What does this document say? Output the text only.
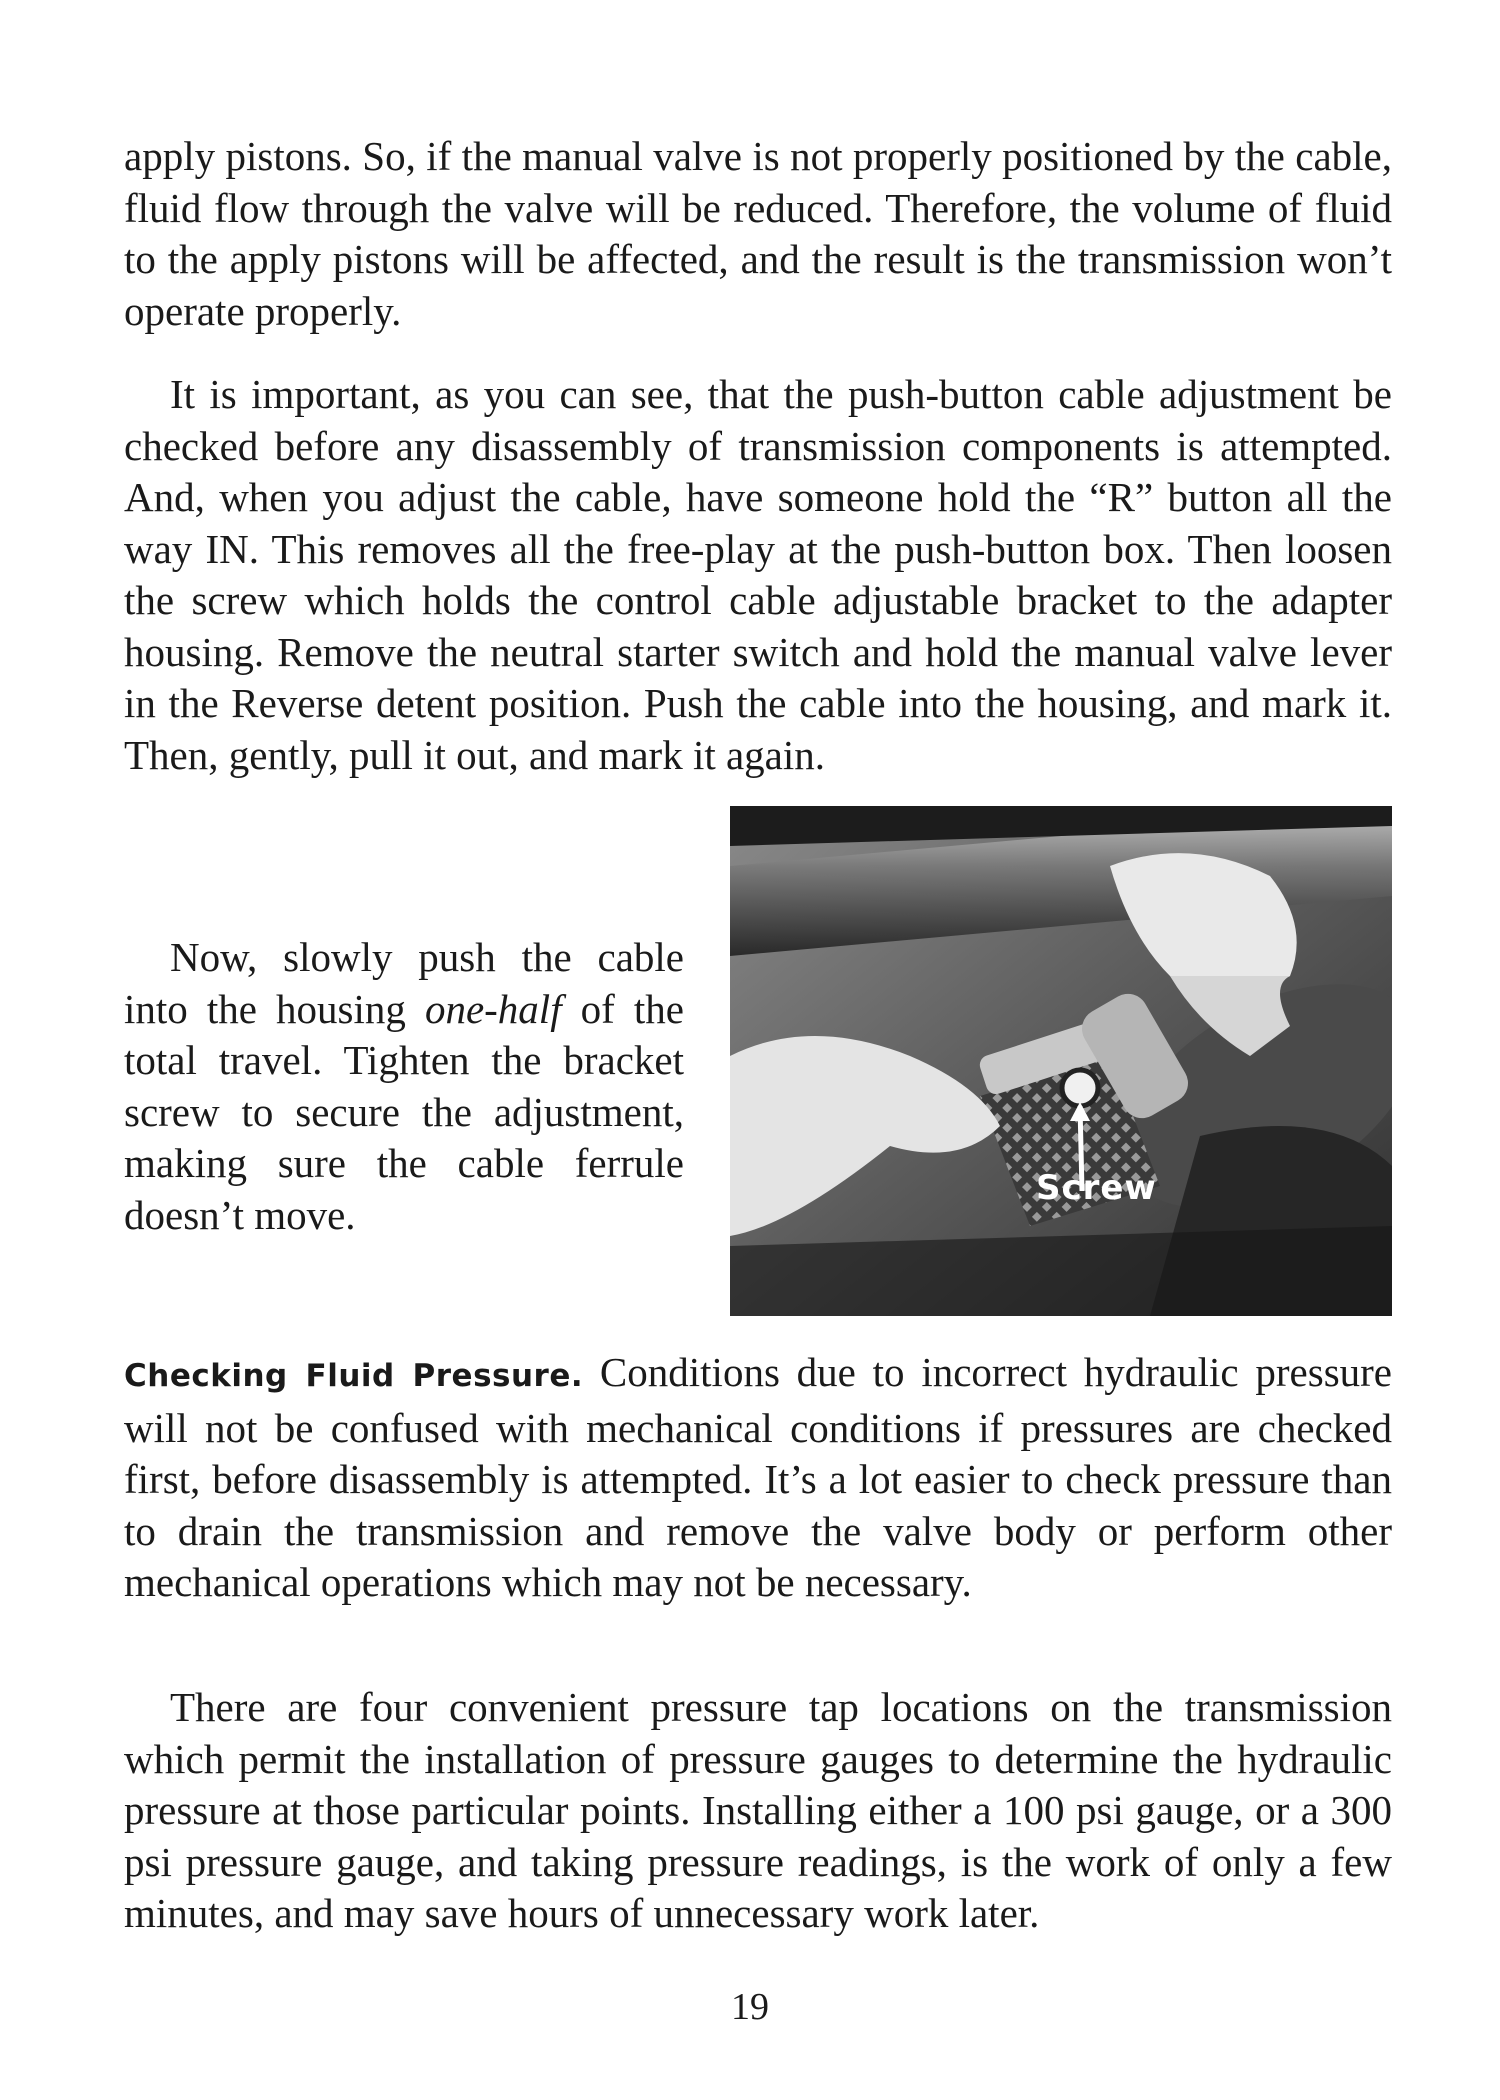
apply pistons. So, if the manual valve is not properly positioned by the cable, fluid flow through the valve will be reduced. Therefore, the volume of fluid to the apply pistons will be affected, and the result is the transmission won’t operate properly.

It is important, as you can see, that the push-button cable adjustment be checked before any disassembly of transmission components is attempted. And, when you adjust the cable, have someone hold the “R” button all the way IN. This removes all the free-play at the push-button box. Then loosen the screw which holds the control cable adjustable bracket to the adapter housing. Remove the neutral starter switch and hold the manual valve lever in the Reverse detent position. Push the cable into the housing, and mark it. Then, gently, pull it out, and mark it again.

Now, slowly push the cable into the housing one-half of the total travel. Tighten the bracket screw to secure the adjustment, making sure the cable ferrule doesn’t move.

Screw

Checking Fluid Pressure. Conditions due to incorrect hydraulic pressure will not be confused with mechanical conditions if pressures are checked first, before disassembly is attempted. It’s a lot easier to check pressure than to drain the transmission and remove the valve body or perform other mechanical operations which may not be necessary.

There are four convenient pressure tap locations on the transmission which permit the installation of pressure gauges to determine the hydraulic pressure at those particular points. Installing either a 100 psi gauge, or a 300 psi pressure gauge, and taking pressure readings, is the work of only a few minutes, and may save hours of unnecessary work later.

19
